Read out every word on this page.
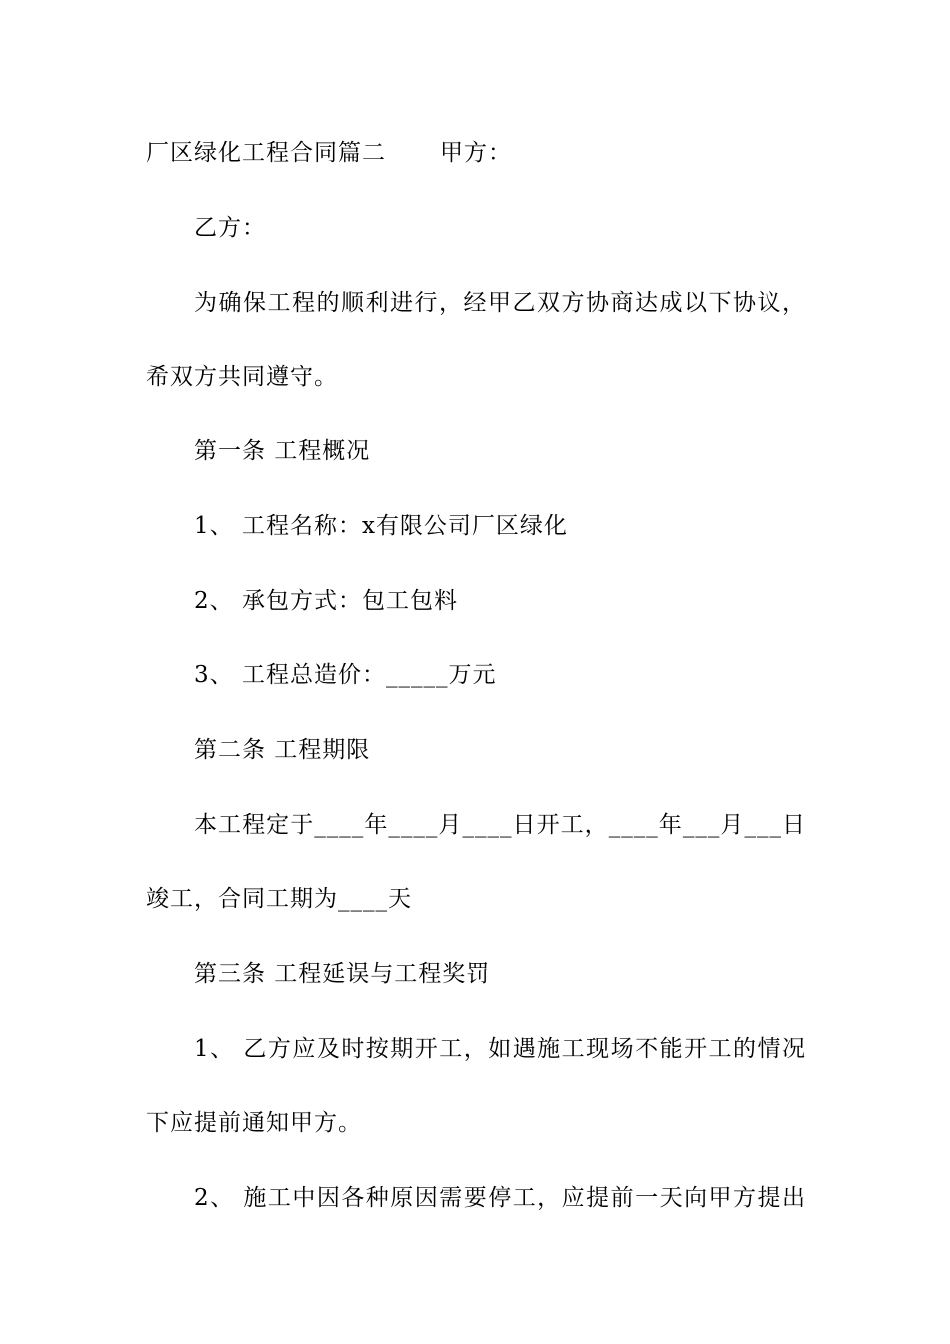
厂区绿化工程合同篇二 甲方：
乙方：
为确保工程的顺利进行，经甲乙双方协商达成以下协议，
希双方共同遵守。
第一条 工程概况
1、 工程名称：x有限公司厂区绿化
2、 承包方式：包工包料
3、 工程总造价：_____万元
第二条 工程期限
本工程定于____年____月____日开工，____年___月___日
竣工，合同工期为____天
第三条 工程延误与工程奖罚
1、 乙方应及时按期开工，如遇施工现场不能开工的情况
下应提前通知甲方。
2、 施工中因各种原因需要停工，应提前一天向甲方提出
